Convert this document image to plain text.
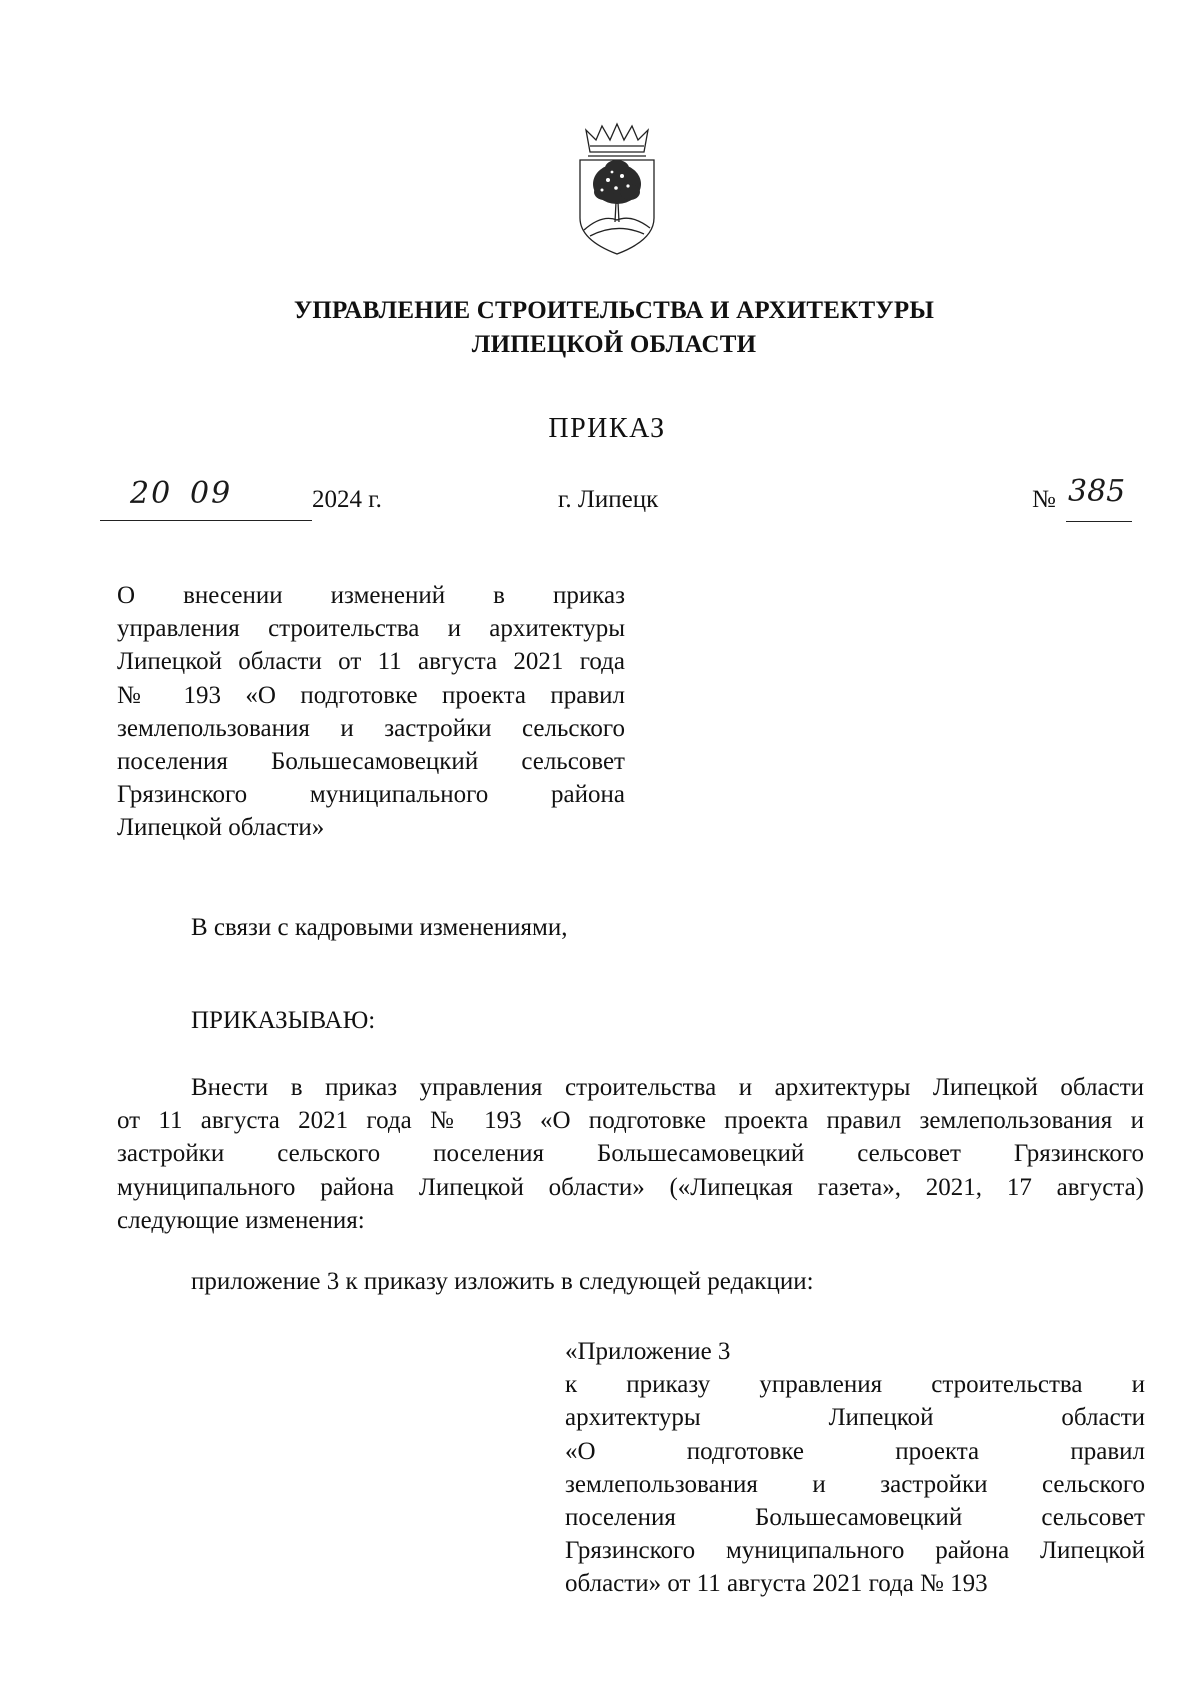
УПРАВЛЕНИЕ СТРОИТЕЛЬСТВА И АРХИТЕКТУРЫ
ЛИПЕЦКОЙ ОБЛАСТИ
ПРИКАЗ
20 09	2024 г.	г. Липецк	№ 385
О внесении изменений в приказ
управления строительства и архитектуры
Липецкой области от 11 августа 2021 года
№ 193 «О подготовке проекта правил
землепользования и застройки сельского
поселения Большесамовецкий сельсовет
Грязинского муниципального района
Липецкой области»
В связи с кадровыми изменениями,
ПРИКАЗЫВАЮ:
Внести в приказ управления строительства и архитектуры Липецкой области
от 11 августа 2021 года № 193 «О подготовке проекта правил землепользования и
застройки сельского поселения Большесамовецкий сельсовет Грязинского
муниципального района Липецкой области» («Липецкая газета», 2021, 17 августа)
следующие изменения:
приложение 3 к приказу изложить в следующей редакции:
«Приложение 3
к приказу управления строительства и
архитектуры Липецкой области
«О подготовке проекта правил
землепользования и застройки сельского
поселения Большесамовецкий сельсовет
Грязинского муниципального района Липецкой
области» от 11 августа 2021 года № 193
